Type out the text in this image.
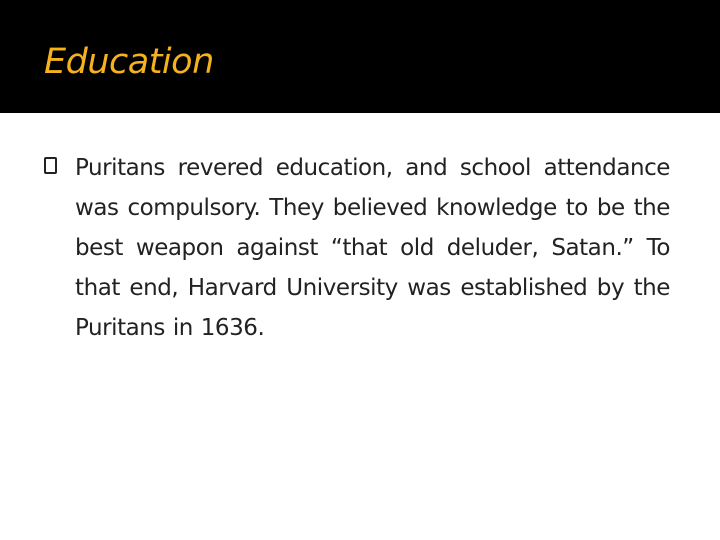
Education
Puritans revered education, and school attendance was compulsory. They believed knowledge to be the best weapon against “that old deluder, Satan.” To that end, Harvard University was established by the Puritans in 1636.
